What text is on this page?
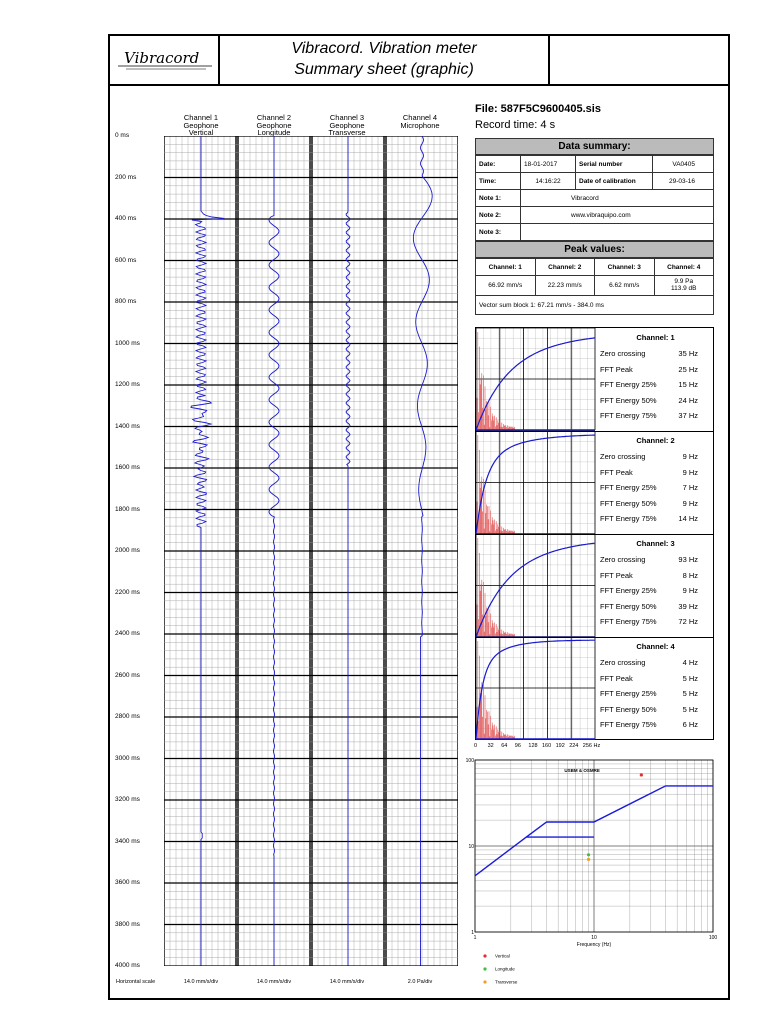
Vibracord
Vibracord. Vibration meter
Summary sheet (graphic)
Channel 1
Geophone
Vertical
Channel 2
Geophone
Longitude
Channel 3
Geophone
Transverse
Channel 4
Microphone
0 ms
200 ms
400 ms
600 ms
800 ms
1000 ms
1200 ms
1400 ms
1600 ms
1800 ms
2000 ms
2200 ms
2400 ms
2600 ms
2800 ms
3000 ms
3200 ms
3400 ms
3600 ms
3800 ms
4000 ms
Horizontal scale	14.0 mm/s/div	14.0 mm/s/div	14.0 mm/s/div	2.0 Pa/div
File: 587F5C9600405.sis
Record time: 4 s
Data summary:
Date:	18-01-2017	Serial number	VA0405
Time:	14:16:22	Date of calibration	29-03-16
Note 1:	Vibracord		
Note 2:	www.vibraquipo.com		
Note 3:			
Peak values:
Channel: 1	Channel: 2	Channel: 3	Channel: 4
66.92 mm/s	22.23 mm/s	6.62 mm/s	9.9 Pa
113.9 dB

Vector sum block 1: 67.21 mm/s - 384.0 ms			
Channel: 1
Zero crossing	35 Hz
FFT Peak	25 Hz
FFT Energy 25%	15 Hz
FFT Energy 50%	24 Hz
FFT Energy 75%	37 Hz
Channel: 2
Zero crossing	9 Hz
FFT Peak	9 Hz
FFT Energy 25%	7 Hz
FFT Energy 50%	9 Hz
FFT Energy 75%	14 Hz
Channel: 3
Zero crossing	93 Hz
FFT Peak	8 Hz
FFT Energy 25%	9 Hz
FFT Energy 50%	39 Hz
FFT Energy 75%	72 Hz
Channel: 4
Zero crossing	4 Hz
FFT Peak	5 Hz
FFT Energy 25%	5 Hz
FFT Energy 50%	5 Hz
FFT Energy 75%	6 Hz
0 32 64 96 128 160 192 224 256 Hz
USBM & OSMRE
100
10
1
1	10	100
Frequency (Hz)
Vertical
Longitude
Transverse
